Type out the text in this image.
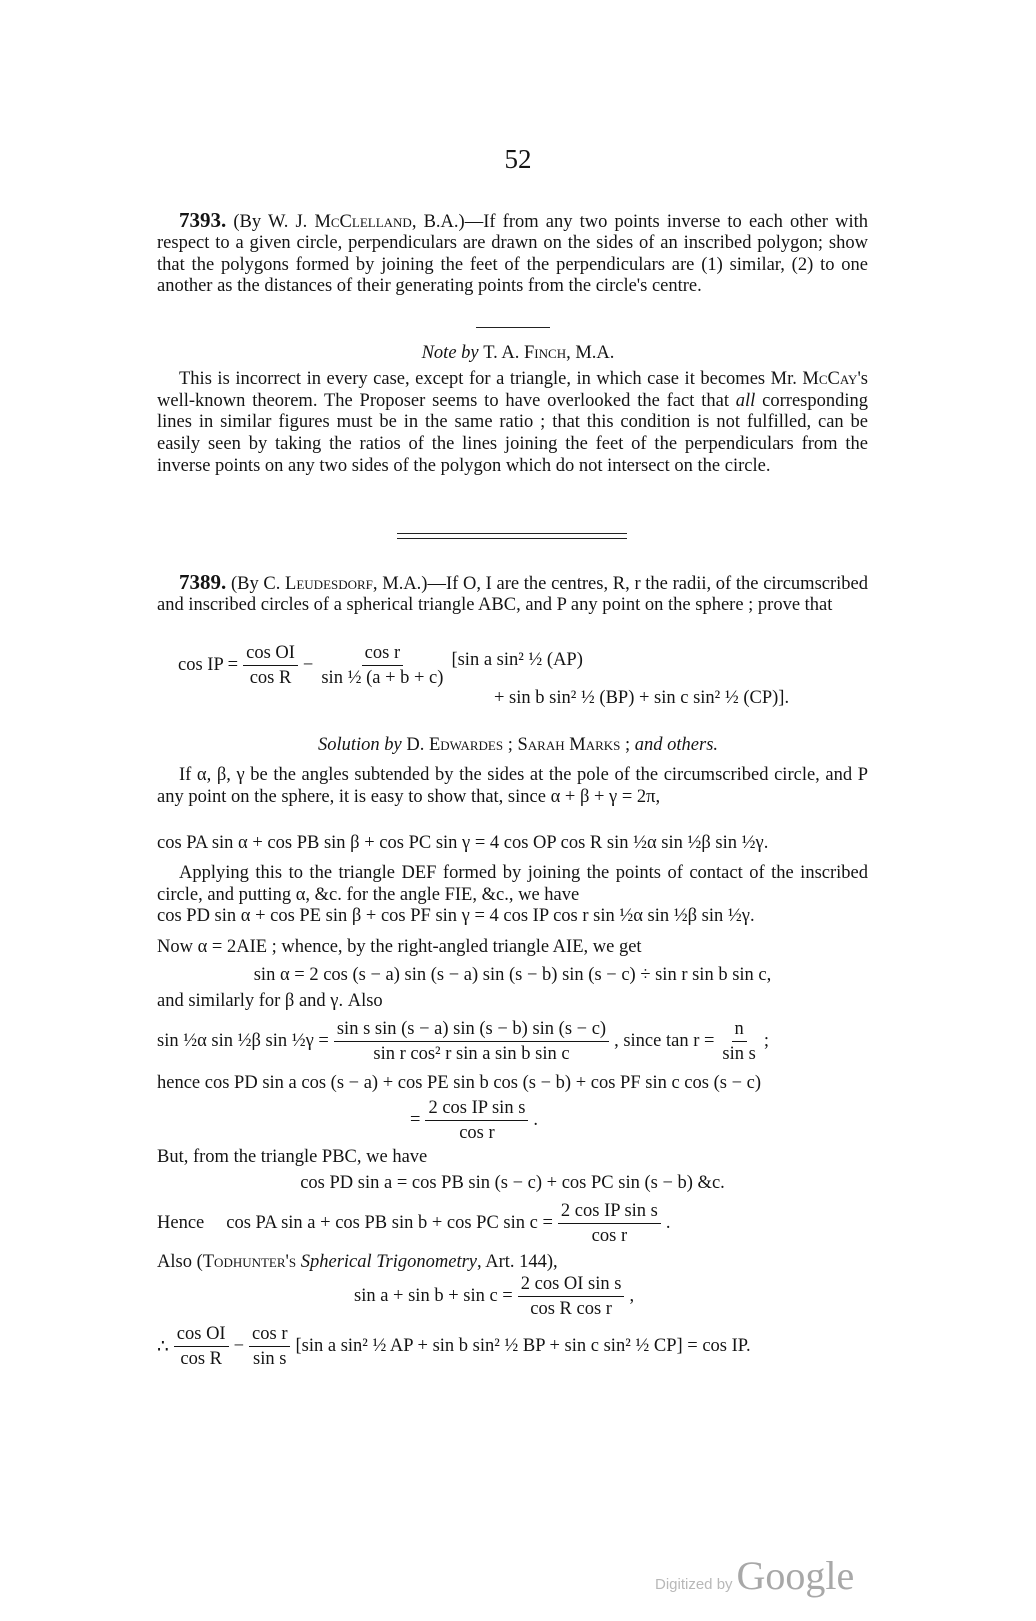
52
7393. (By W. J. McClelland, B.A.)—If from any two points inverse to each other with respect to a given circle, perpendiculars are drawn on the sides of an inscribed polygon; show that the polygons formed by joining the feet of the perpendiculars are (1) similar, (2) to one another as the distances of their generating points from the circle's centre.
Note by T. A. Finch, M.A.
This is incorrect in every case, except for a triangle, in which case it becomes Mr. McCay's well-known theorem. The Proposer seems to have overlooked the fact that all corresponding lines in similar figures must be in the same ratio ; that this condition is not fulfilled, can be easily seen by taking the ratios of the lines joining the feet of the perpendiculars from the inverse points on any two sides of the polygon which do not intersect on the circle.
7389. (By C. Leudesdorf, M.A.)—If O, I are the centres, R, r the radii, of the circumscribed and inscribed circles of a spherical triangle ABC, and P any point on the sphere ; prove that
cos IP = $\frac{\text{cos OI}}{\text{cos R}} - \frac{\text{cos r}}{\text{sin ½ (a + b + c)}} [\sin$ a sin² ½ (AP)
+ sin b sin² ½ (BP) + sin c sin² ½ (CP)].
Solution by D. Edwardes ; Sarah Marks ; and others.
If α, β, γ be the angles subtended by the sides at the pole of the circumscribed circle, and P any point on the sphere, it is easy to show that, since α + β + γ = 2π,
cos PA sin α + cos PB sin β + cos PC sin γ = 4 cos OP cos R sin ½α sin ½β sin ½γ.
Applying this to the triangle DEF formed by joining the points of contact of the inscribed circle, and putting α, &c. for the angle FIE, &c., we have
cos PD sin α + cos PE sin β + cos PF sin γ = 4 cos IP cos r sin ½α sin ½β sin ½γ.
Now α = 2AIE ; whence, by the right-angled triangle AIE, we get
sin α = 2 cos (s − a) sin (s − a) sin (s − b) sin (s − c) ÷ sin r sin b sin c,
and similarly for β and γ. Also
sin ½α sin ½β sin ½γ = $\frac{\text{sin s sin (s − a) sin (s − b) sin (s − c)}}{\text{sin r cos² r sin a sin b sin c}}$ , since $\tan r = \frac{n}{\text{sin s}}$ ;
hence cos PD sin a cos (s − a) + cos PE sin b cos (s − b) + cos PF sin c cos (s − c)
= $\frac{\text{2 cos IP sin s}}{\text{cos r}}$ .
But, from the triangle PBC, we have
cos PD sin a = cos PB sin (s − c) + cos PC sin (s − b) &c.
Hence cos PA sin a + cos PB sin b + cos PC $\sin c = \frac{\text{2 cos IP sin s}}{\text{cos r}}$ .
Also ( Todhunter's
Spherical Trigonometry , Art. 144),
$\sin a + \sin b + \sin c = \frac{\text{2 cos OI sin s}}{\text{cos R cos r}}$ ,
∴ $\frac{\text{cos OI}}{\text{cos R}} - \frac{\text{cos r}}{\text{sin s}} [\sin$ a sin² ½ AP + sin b sin² ½ BP + sin c sin² ½ CP] = cos IP.
Digitized by Google
